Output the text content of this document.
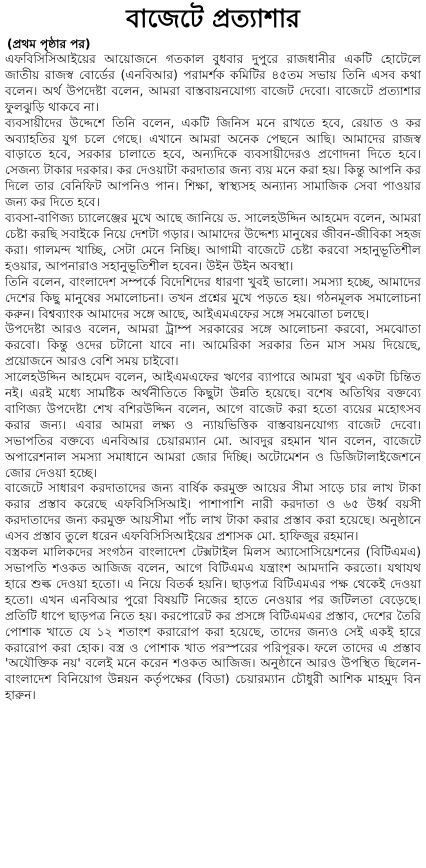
বাজেটে প্রত্যাশার
(প্রথম পৃষ্ঠার পর)

এফবিসিসিআইয়ের আয়োজনে গতকাল বুধবার দুপুরে রাজধানীর একটি হোটেলে জাতীয় রাজস্ব বোর্ডের (এনবিআর) পরামর্শক কমিটির ৪৫তম সভায় তিনি এসব কথা বলেন। অর্থ উপদেষ্টা বলেন, আমরা বাস্তবায়নযোগ্য বাজেট দেবো। বাজেটে প্রত্যাশার ফুলঝুড়ি থাকবে না।

ব্যবসায়ীদের উদ্দেশে তিনি বলেন, একটি জিনিস মনে রাখতে হবে, রেয়াত ও কর অব্যাহতির যুগ চলে গেছে। এখানে আমরা অনেক পেছনে আছি। আমাদের রাজস্ব বাড়াতে হবে, সরকার চালাতে হবে, অন্যদিকে ব্যবসায়ীদেরও প্রণোদনা দিতে হবে। সেজন্য টাকার দরকার। কর দেওয়াটা করদাতার জন্য ব্যয় মনে করা হয়। কিন্তু আপনি কর দিলে তার বেনিফিট আপনিও পান। শিক্ষা, স্বাস্থ্যসহ অন্যান্য সামাজিক সেবা পাওয়ার জন্য কর দিতে হবে।

ব্যবসা-বাণিজ্য চ্যালেঞ্জের মুখে আছে জানিয়ে ড. সালেহউদ্দিন আহমেদ বলেন, আমরা চেষ্টা করছি সবাইকে নিয়ে দেশটা গড়ার। আমাদের উদ্দেশ্য মানুষের জীবন-জীবিকা সহজ করা। গালমন্দ খাচ্ছি, সেটা মেনে নিচ্ছি। আগামী বাজেটে চেষ্টা করবো সহানুভূতিশীল হওয়ার, আপনারাও সহানুভূতিশীল হবেন। উইন উইন অবস্থা।

তিনি বলেন, বাংলাদেশ সম্পর্কে বিদেশিদের ধারণা খুবই ভালো। সমস্যা হচ্ছে, আমাদের দেশের কিছু মানুষের সমালোচনা। তখন প্রশ্নের মুখে পড়তে হয়। গঠনমূলক সমালোচনা করুন। বিশ্বব্যাংক আমাদের সঙ্গে আছে, আইএমএফের সঙ্গে সমঝোতা চলছে।

উপদেষ্টা আরও বলেন, আমরা ট্রাম্প সরকারের সঙ্গে আলোচনা করবো, সমঝোতা করবো। কিন্তু ওদের চটানো যাবে না। আমেরিকা সরকার তিন মাস সময় দিয়েছে, প্রয়োজনে আরও বেশি সময় চাইবো।

সালেহউদ্দিন আহমেদ বলেন, আইএমএফের ঋণের ব্যাপারে আমরা খুব একটা চিন্তিত নই। এরই মধ্যে সামষ্টিক অর্থনীতিতে কিছুটা উন্নতি হয়েছে। বশেষ অতিথির বক্তব্যে বাণিজ্য উপদেষ্টা শেখ বশিরউদ্দিন বলেন, আগে বাজেট করা হতো ব্যয়ের মহোৎসব করার জন্য। এবার আমরা লক্ষ্য ও ন্যায়ভিত্তিক বাস্তবায়নযোগ্য বাজেট দেবো। সভাপতির বক্তব্যে এনবিআর চেয়ারম্যান মো. আবদুর রহমান খান বলেন, বাজেটে অপারেশনাল সমস্যা সমাধানে আমরা জোর দিচ্ছি। অটোমেশন ও ডিজিটালাইজেশনে জোর দেওয়া হচ্ছে।

বাজেটে সাধারণ করদাতাদের জন্য বার্ষিক করমুক্ত আয়ের সীমা সাড়ে চার লাখ টাকা করার প্রস্তাব করেছে এফবিসিসিআই। পাশাপাশি নারী করদাতা ও ৬৫ উর্ধ্ব বয়সী করদাতাদের জন্য করমুক্ত আয়সীমা পাঁচ লাখ টাকা করার প্রস্তাব করা হয়েছে। অনুষ্ঠানে এসব প্রস্তাব তুলে ধরেন এফবিসিসিআইয়ের প্রশাসক মো. হাফিজুর রহমান।

বস্ত্রকল মালিকদের সংগঠন বাংলাদেশ টেক্সটাইল মিলস অ্যাসোসিয়েশনের (বিটিএমএ) সভাপতি শওকত আজিজ বলেন, আগে বিটিএমএ যন্ত্রাংশ আমদানি করতো। যথাযথ হারে শুল্ক দেওয়া হতো। এ নিয়ে বিতর্ক হয়নি। ছাড়পত্র বিটিএমএর পক্ষ থেকেই দেওয়া হতো। এখন এনবিআর পুরো বিষয়টি নিজের হাতে নেওয়ার পর জটিলতা বেড়েছে। প্রতিটি ধাপে ছাড়পত্র নিতে হয়। করপোরেট কর প্রসঙ্গে বিটিএমএর প্রস্তাব, দেশের তৈরি পোশাক খাতে যে ১২ শতাংশ করারোপ করা হয়েছে, তাদের জন্যও সেই একই হারে করারোপ করা হোক। বস্ত্র ও পোশাক খাত পরস্পরের পরিপূরক। ফলে তাদের এ প্রস্তাব 'অযৌক্তিক নয়' বলেই মনে করেন শওকত আজিজ। অনুষ্ঠানে আরও উপস্থিত ছিলেন- বাংলাদেশ বিনিয়োগ উন্নয়ন কর্তৃপক্ষের (বিডা) চেয়ারম্যান চৌধুরী আশিক মাহমুদ বিন হারুন।
